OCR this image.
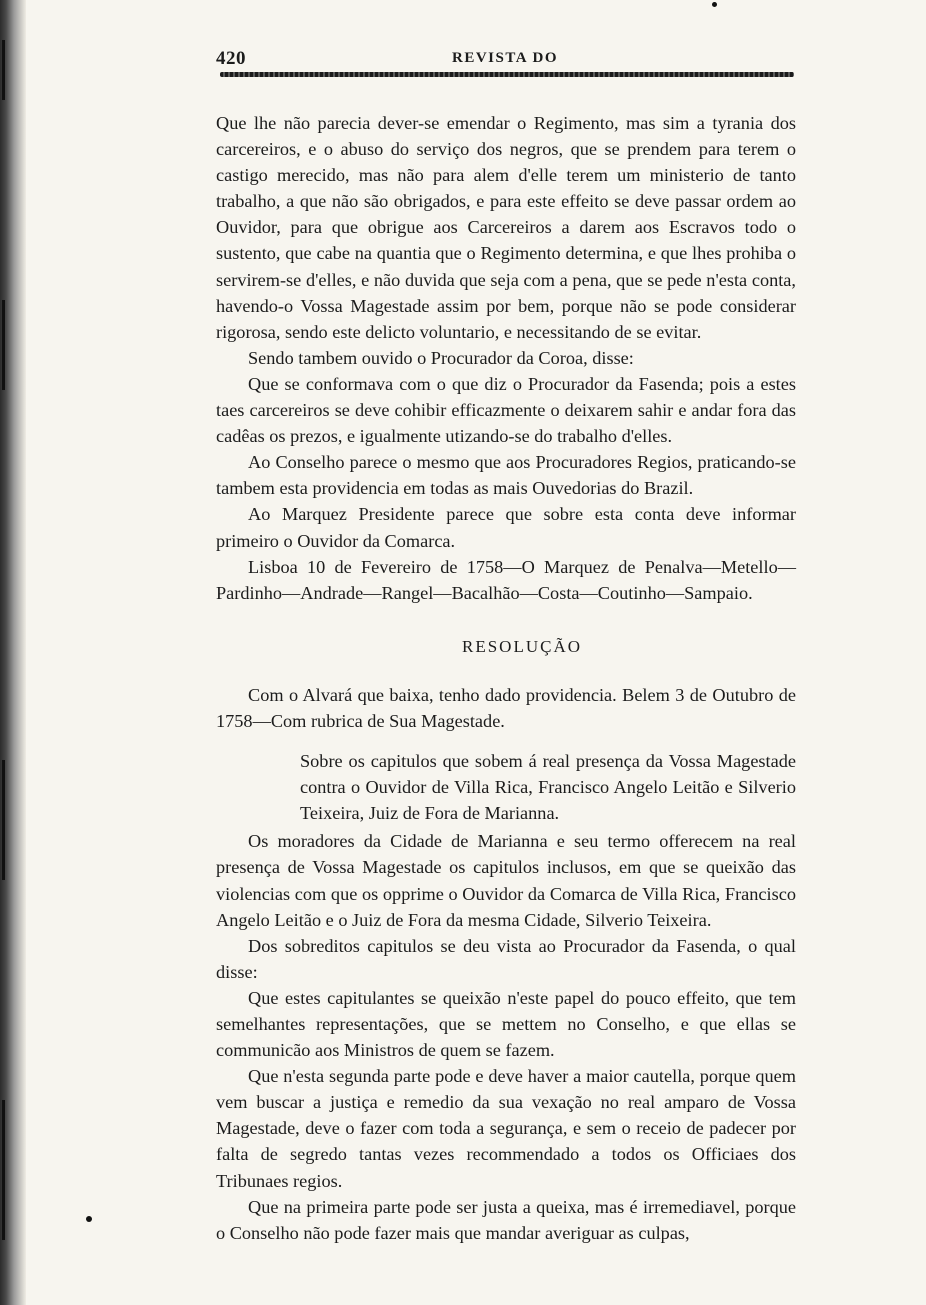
420	REVISTA DO

Que lhe não parecia dever-se emendar o Regimento, mas sim a tyrania dos carcereiros, e o abuso do serviço dos negros, que se prendem para terem o castigo merecido, mas não para alem d'elle terem um ministerio de tanto trabalho, a que não são obrigados, e para este effeito se deve passar ordem ao Ouvidor, para que obrigue aos Carcereiros a darem aos Escravos todo o sustento, que cabe na quantia que o Regimento determina, e que lhes prohiba o servirem-se d'elles, e não duvida que seja com a pena, que se pede n'esta conta, havendo-o Vossa Magestade assim por bem, porque não se pode considerar rigorosa, sendo este delicto voluntario, e necessitando de se evitar.

Sendo tambem ouvido o Procurador da Coroa, disse:

Que se conformava com o que diz o Procurador da Fasenda; pois a estes taes carcereiros se deve cohibir efficazmente o deixarem sahir e andar fora das cadêas os prezos, e igualmente utizando-se do trabalho d'elles.

Ao Conselho parece o mesmo que aos Procuradores Regios, praticando-se tambem esta providencia em todas as mais Ouvedorias do Brazil.

Ao Marquez Presidente parece que sobre esta conta deve informar primeiro o Ouvidor da Comarca.

Lisboa 10 de Fevereiro de 1758—O Marquez de Penalva—Metello—Pardinho—Andrade—Rangel—Bacalhão—Costa—Coutinho—Sampaio.

RESOLUÇÃO

Com o Alvará que baixa, tenho dado providencia. Belem 3 de Outubro de 1758—Com rubrica de Sua Magestade.

Sobre os capitulos que sobem á real presença da Vossa Magestade contra o Ouvidor de Villa Rica, Francisco Angelo Leitão e Silverio Teixeira, Juiz de Fora de Marianna.

Os moradores da Cidade de Marianna e seu termo offerecem na real presença de Vossa Magestade os capitulos inclusos, em que se queixão das violencias com que os opprime o Ouvidor da Comarca de Villa Rica, Francisco Angelo Leitão e o Juiz de Fora da mesma Cidade, Silverio Teixeira.

Dos sobreditos capitulos se deu vista ao Procurador da Fasenda, o qual disse:

Que estes capitulantes se queixão n'este papel do pouco effeito, que tem semelhantes representações, que se mettem no Conselho, e que ellas se communicão aos Ministros de quem se fazem.

Que n'esta segunda parte pode e deve haver a maior cautella, porque quem vem buscar a justiça e remedio da sua vexação no real amparo de Vossa Magestade, deve o fazer com toda a segurança, e sem o receio de padecer por falta de segredo tantas vezes recommendado a todos os Officiaes dos Tribunaes regios.

Que na primeira parte pode ser justa a queixa, mas é irremediavel, porque o Conselho não pode fazer mais que mandar averiguar as culpas,
